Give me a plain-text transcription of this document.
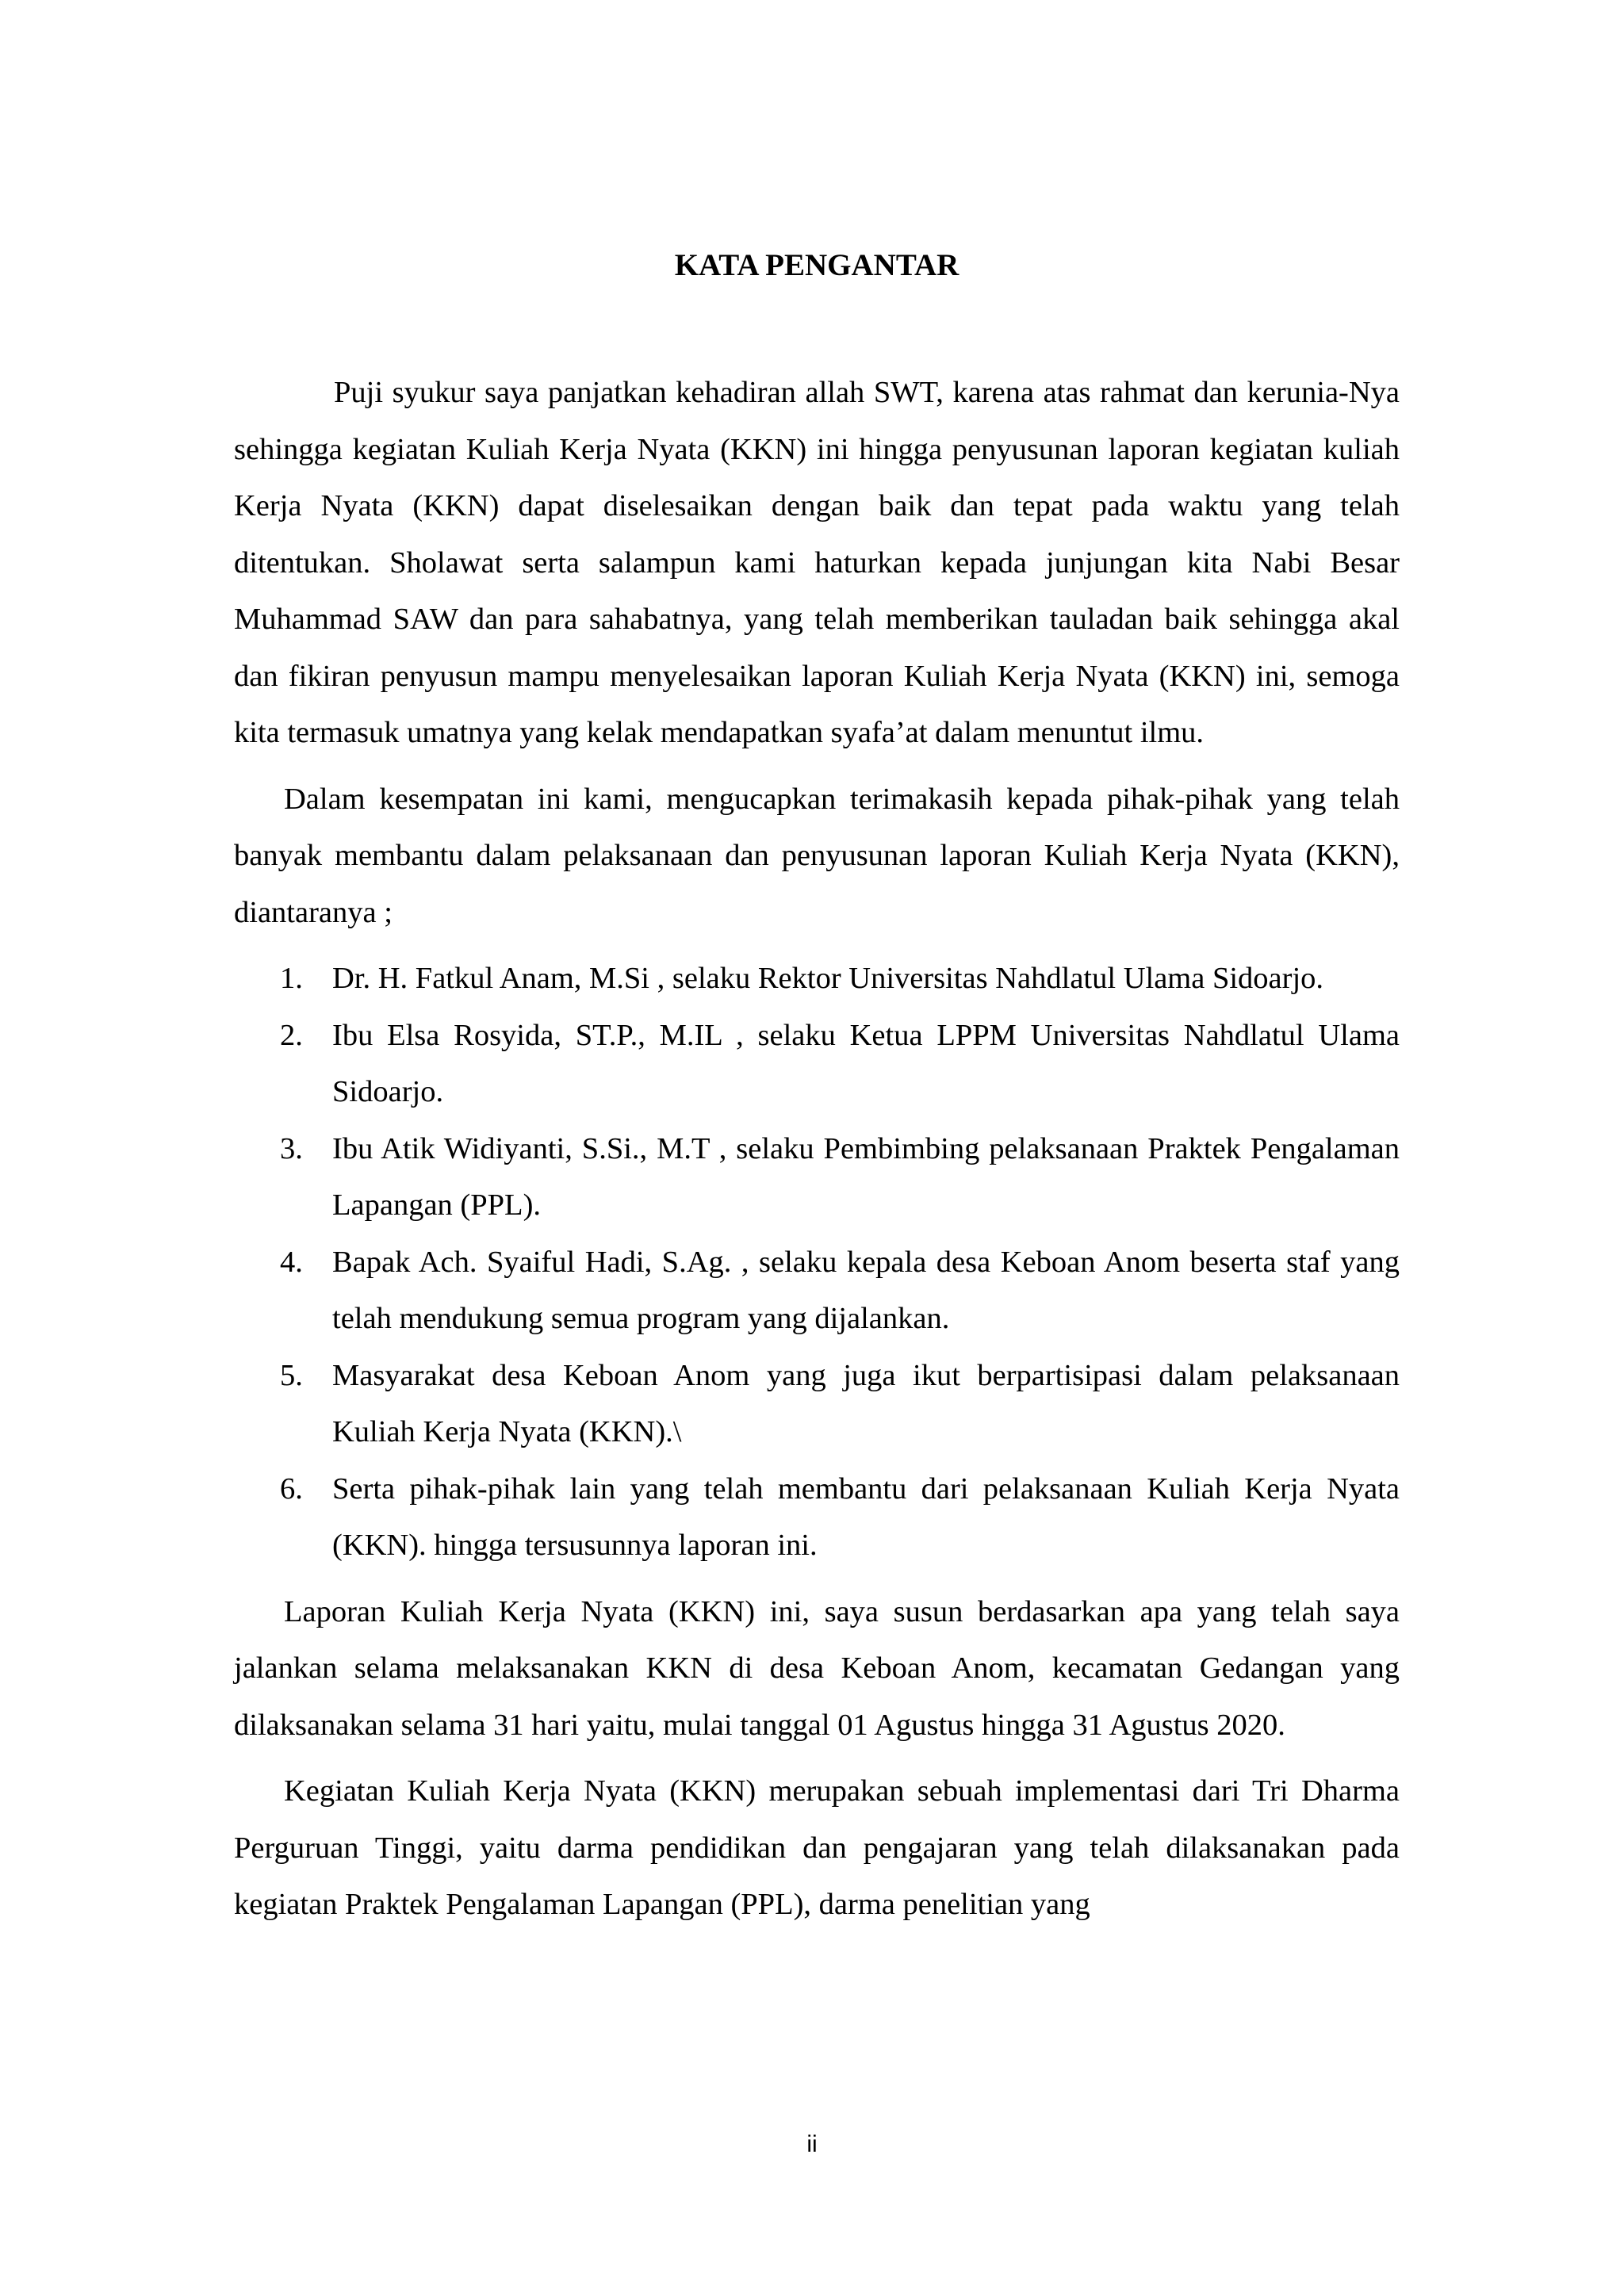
KATA PENGANTAR

Puji syukur saya panjatkan kehadiran allah SWT, karena atas rahmat dan kerunia-Nya sehingga kegiatan Kuliah Kerja Nyata (KKN) ini hingga penyusunan laporan kegiatan kuliah Kerja Nyata (KKN) dapat diselesaikan dengan baik dan tepat pada waktu yang telah ditentukan. Sholawat serta salampun kami haturkan kepada junjungan kita Nabi Besar Muhammad SAW dan para sahabatnya, yang telah memberikan tauladan baik sehingga akal dan fikiran penyusun mampu menyelesaikan laporan Kuliah Kerja Nyata (KKN) ini, semoga kita termasuk umatnya yang kelak mendapatkan syafa’at dalam menuntut ilmu.

Dalam kesempatan ini kami, mengucapkan terimakasih kepada pihak-pihak yang telah banyak membantu dalam pelaksanaan dan penyusunan laporan Kuliah Kerja Nyata (KKN), diantaranya ;

1. Dr. H. Fatkul Anam, M.Si , selaku Rektor Universitas Nahdlatul Ulama Sidoarjo.
2. Ibu Elsa Rosyida, ST.P., M.IL , selaku Ketua LPPM Universitas Nahdlatul Ulama Sidoarjo.
3. Ibu Atik Widiyanti, S.Si., M.T , selaku Pembimbing pelaksanaan Praktek Pengalaman Lapangan (PPL).
4. Bapak Ach. Syaiful Hadi, S.Ag. , selaku kepala desa Keboan Anom beserta staf yang telah mendukung semua program yang dijalankan.
5. Masyarakat desa Keboan Anom yang juga ikut berpartisipasi dalam pelaksanaan Kuliah Kerja Nyata (KKN).\
6. Serta pihak-pihak lain yang telah membantu dari pelaksanaan Kuliah Kerja Nyata (KKN). hingga tersusunnya laporan ini.

Laporan Kuliah Kerja Nyata (KKN) ini, saya susun berdasarkan apa yang telah saya jalankan selama melaksanakan KKN di desa Keboan Anom, kecamatan Gedangan yang dilaksanakan selama 31 hari yaitu, mulai tanggal 01 Agustus hingga 31 Agustus 2020.

Kegiatan Kuliah Kerja Nyata (KKN) merupakan sebuah implementasi dari Tri Dharma Perguruan Tinggi, yaitu darma pendidikan dan pengajaran yang telah dilaksanakan pada kegiatan Praktek Pengalaman Lapangan (PPL), darma penelitian yang

ii
